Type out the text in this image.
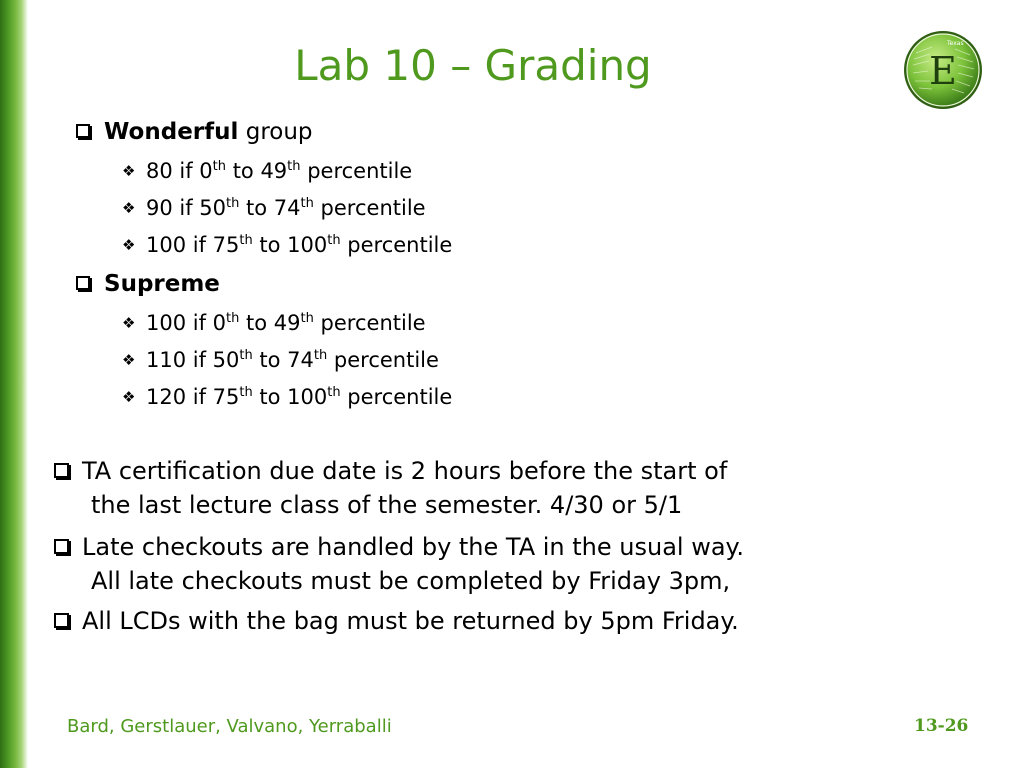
Lab 10 – Grading	Texas
E
Wonderful group
❖ 80 if 0th to 49th percentile
❖ 90 if 50th to 74th percentile
❖ 100 if 75th to 100th percentile
Supreme
❖ 100 if 0th to 49th percentile
❖ 110 if 50th to 74th percentile
❖ 120 if 75th to 100th percentile
TA certification due date is 2 hours before the start of
the last lecture class of the semester. 4/30 or 5/1
Late checkouts are handled by the TA in the usual way.
All late checkouts must be completed by Friday 3pm,
All LCDs with the bag must be returned by 5pm Friday.
Bard, Gerstlauer, Valvano, Yerraballi	13-26
